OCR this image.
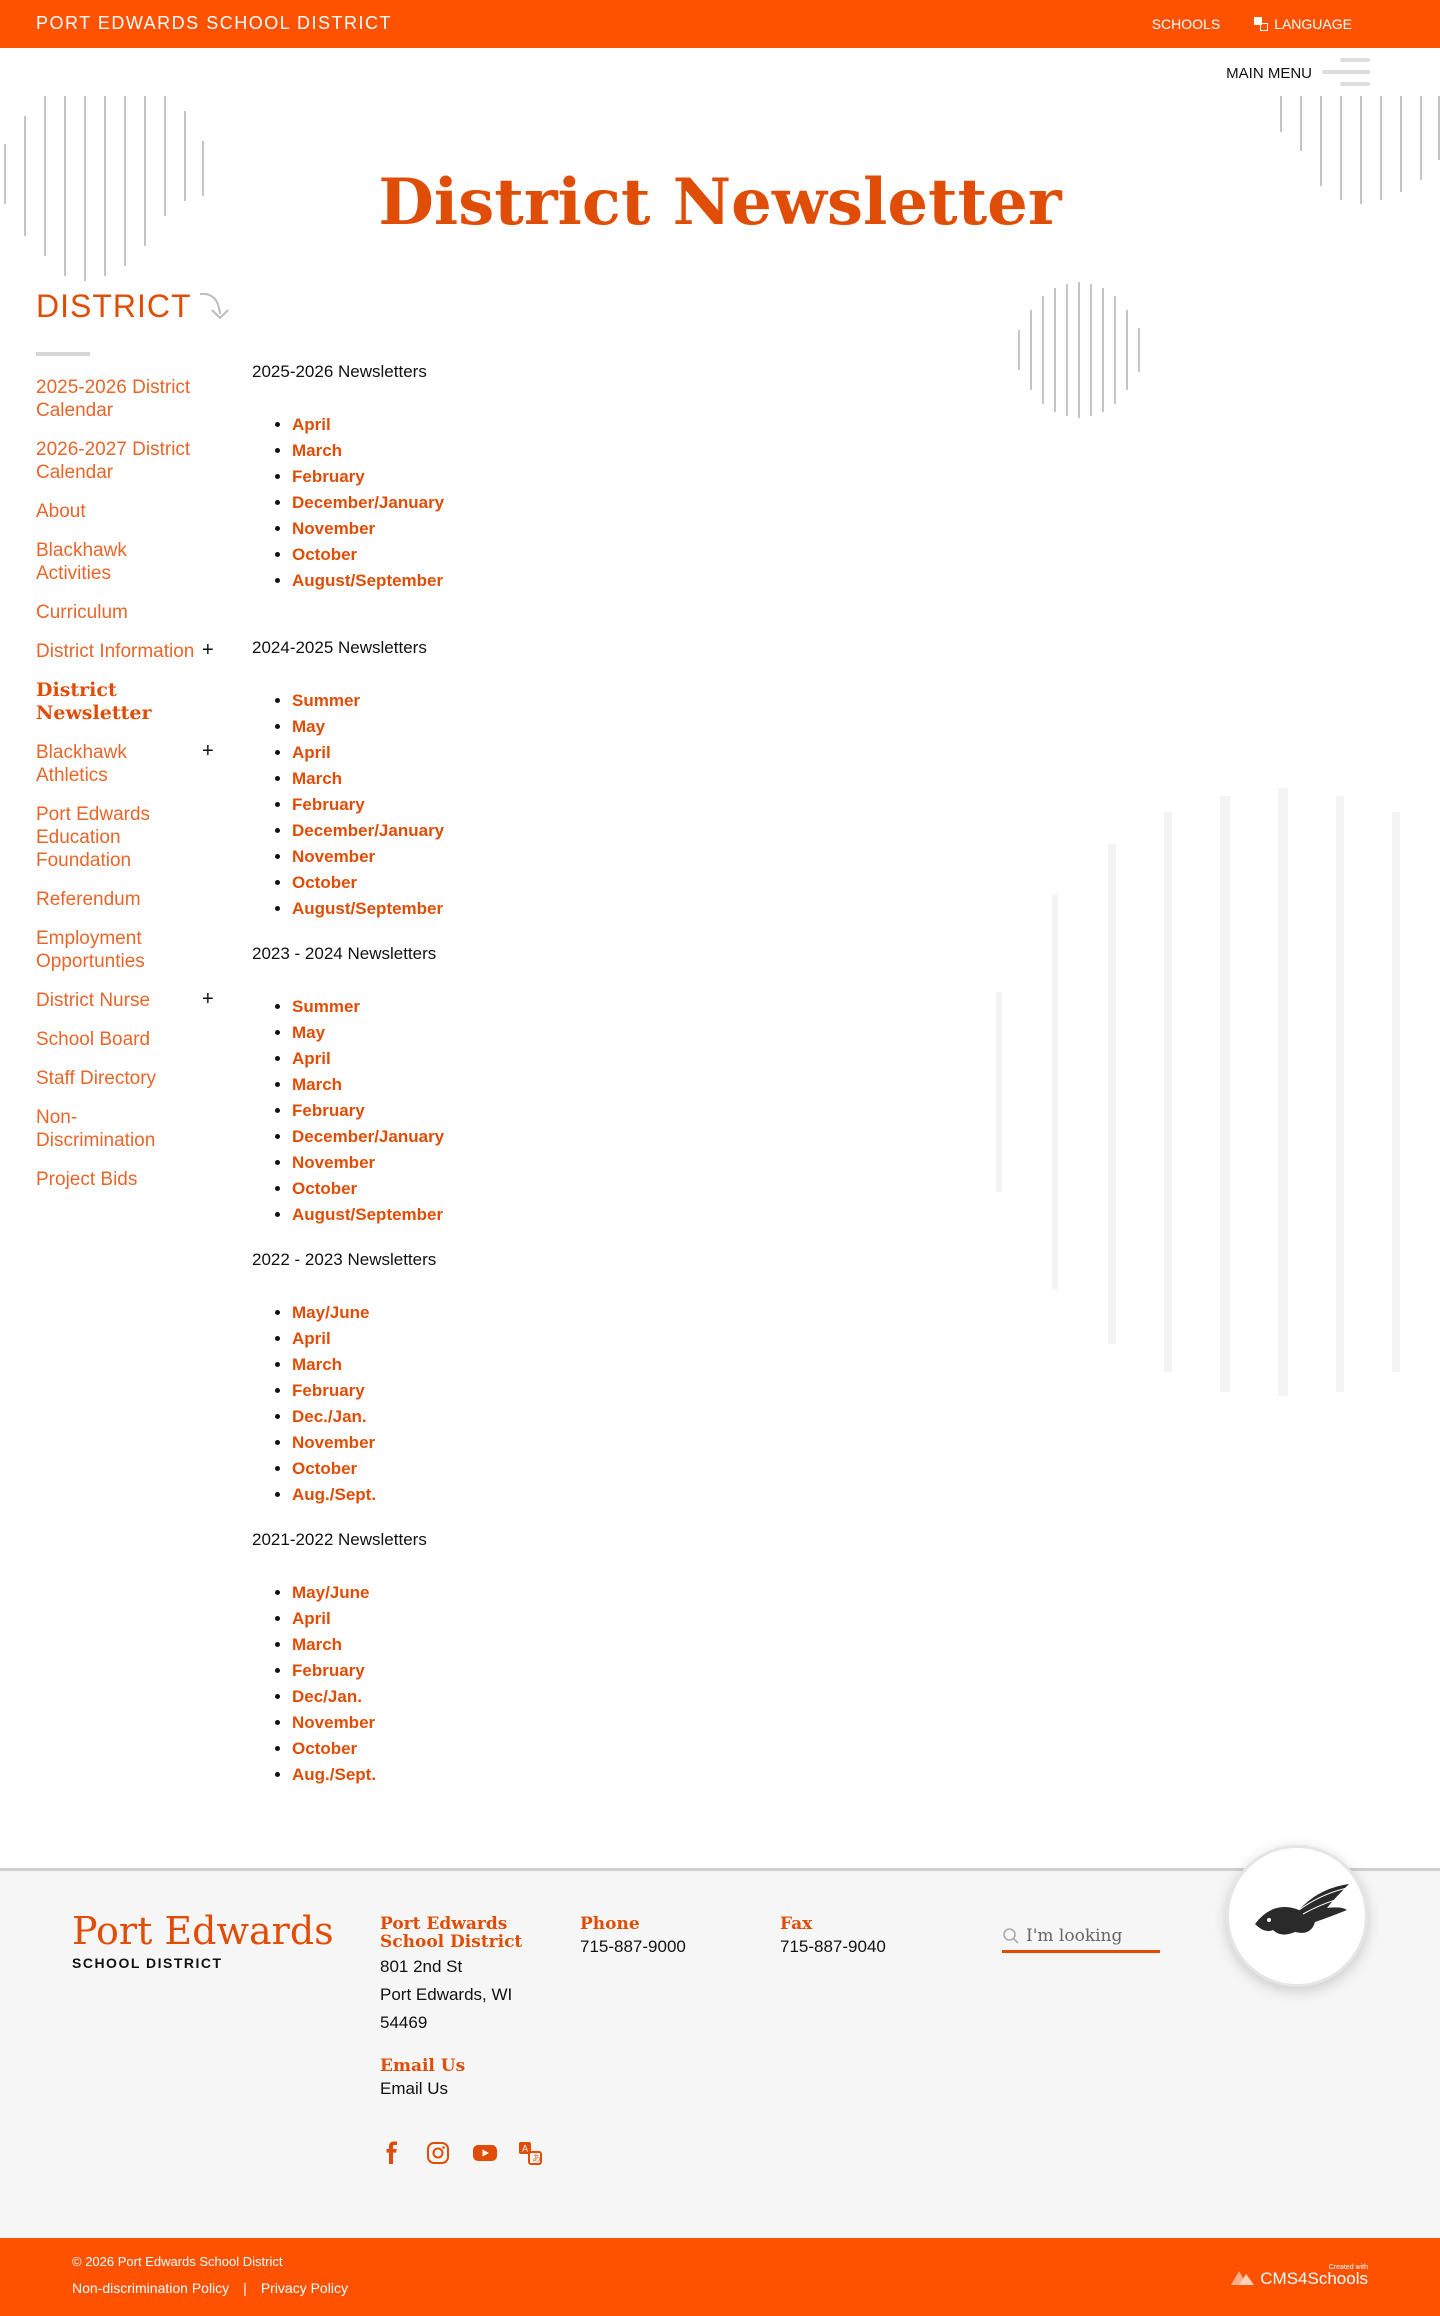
PORT EDWARDS SCHOOL DISTRICT	SCHOOLS	LANGUAGE
MAIN MENU
District Newsletter
DISTRICT
2025-2026 District Calendar
2026-2027 District Calendar
About
Blackhawk Activities
Curriculum
District Information +
District Newsletter
Blackhawk Athletics
+
Port Edwards Education Foundation
Referendum
Employment Opportunties
District Nurse	+
School Board
Staff Directory
Non-Discrimination
Project Bids
2025-2026 Newsletters
• April
• March
• February
• December/January
• November
• October
• August/September
2024-2025 Newsletters
• Summer
• May
• April
• March
• February
• December/January
• November
• October
• August/September
2023 - 2024 Newsletters
• Summer
• May
• April
• March
• February
• December/January
• November
• October
• August/September
2022 - 2023 Newsletters
• May/June
• April
• March
• February
• Dec./Jan.
• November
• October
• Aug./Sept.
2021-2022 Newsletters
• May/June
• April
• March
• February
• Dec/Jan.
• November
• October
• Aug./Sept.
Port Edwards
SCHOOL DISTRICT
Port Edwards School District
801 2nd St
Port Edwards, WI 54469
Email Us
Email Us
Phone
715-887-9000
Fax
715-887-9040
I'm looking
A
あ
© 2026 Port Edwards School District
Non-discrimination Policy | Privacy Policy
Created with
CMS4Schools
